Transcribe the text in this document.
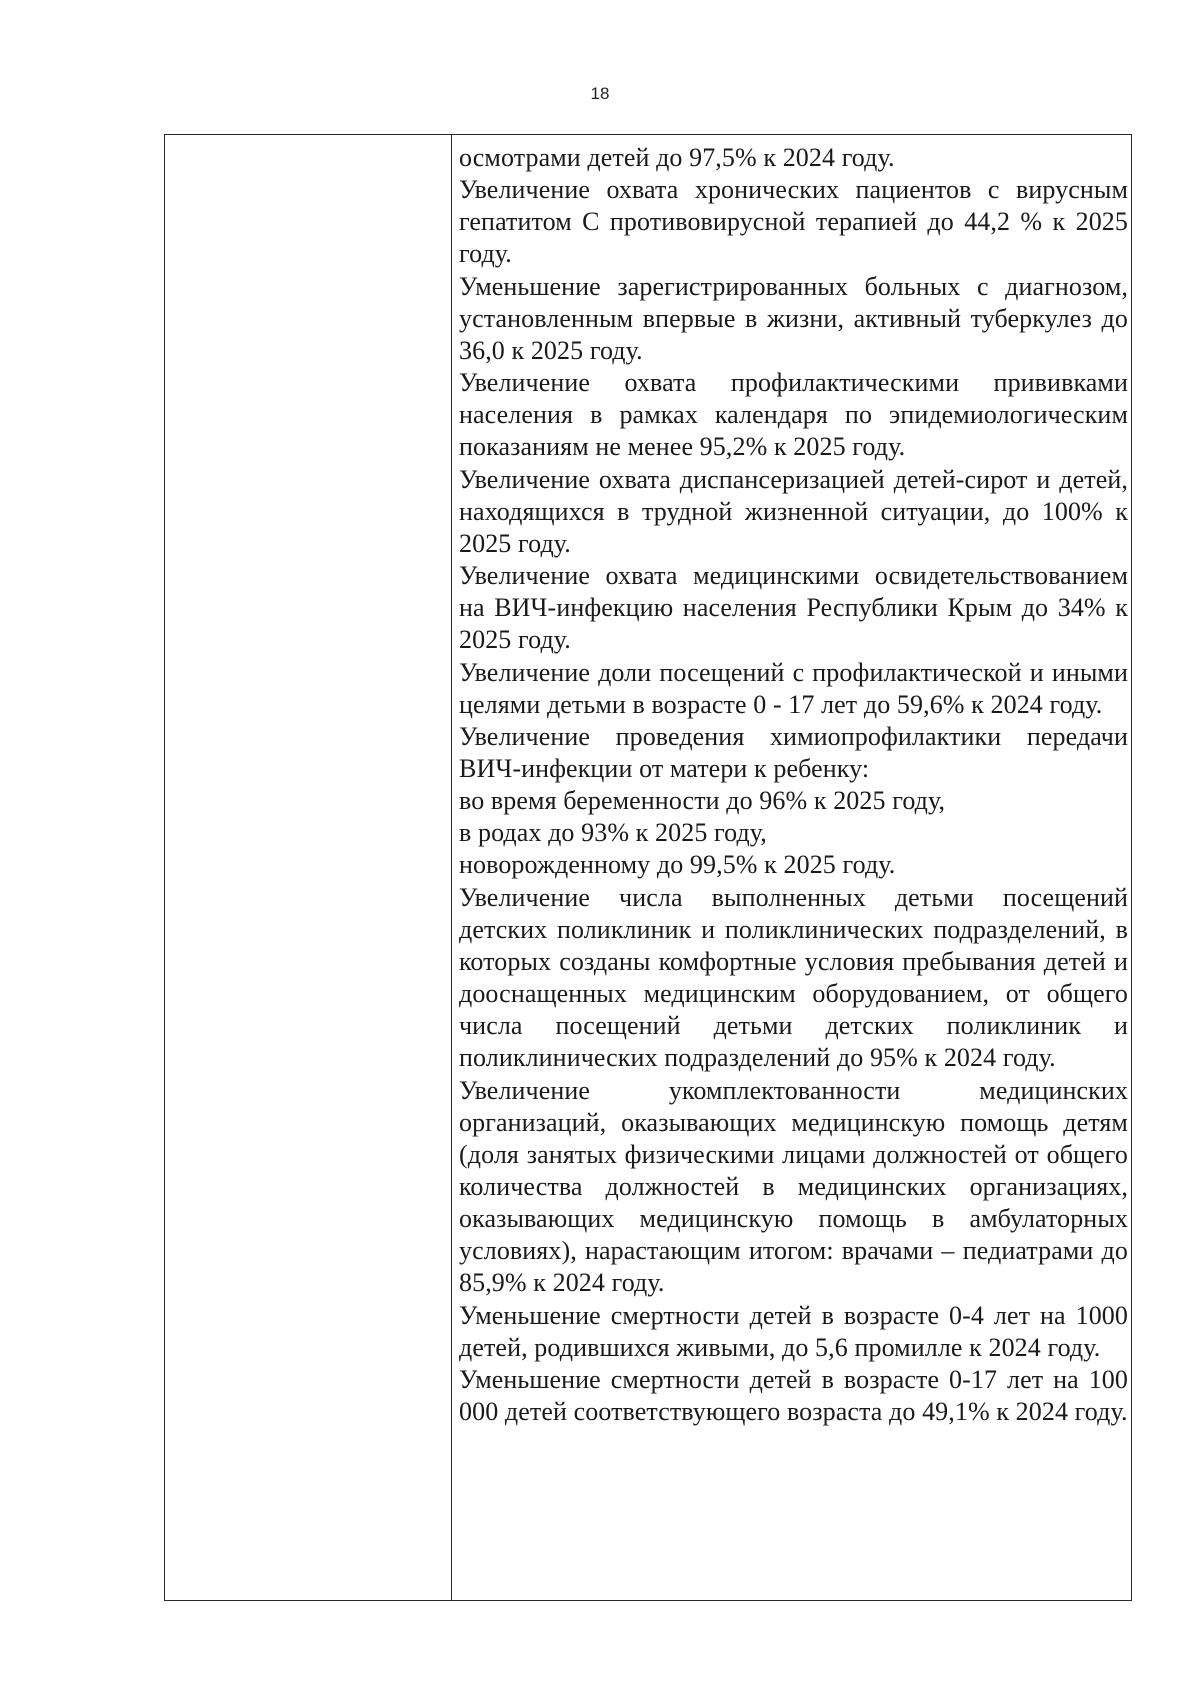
18

осмотрами детей до 97,5% к 2024 году.

Увеличение охвата хронических пациентов с вирусным гепатитом С противовирусной терапией до 44,2 % к 2025 году.

Уменьшение зарегистрированных больных с диагнозом, установленным впервые в жизни, активный туберкулез до 36,0 к 2025 году.

Увеличение охвата профилактическими прививками населения в рамках календаря по эпидемиологическим показаниям не менее 95,2% к 2025 году.

Увеличение охвата диспансеризацией детей-сирот и детей, находящихся в трудной жизненной ситуации, до 100% к 2025 году.

Увеличение охвата медицинскими освидетельствованием на ВИЧ-инфекцию населения Республики Крым до 34% к 2025 году.

Увеличение доли посещений с профилактической и иными целями детьми в возрасте 0 - 17 лет до 59,6% к 2024 году.

Увеличение проведения химиопрофилактики передачи ВИЧ-инфекции от матери к ребенку:

во время беременности до 96% к 2025 году,

в родах до 93% к 2025 году,

новорожденному до 99,5% к 2025 году.

Увеличение числа выполненных детьми посещений детских поликлиник и поликлинических подразделений, в которых созданы комфортные условия пребывания детей и дооснащенных медицинским оборудованием, от общего числа посещений детьми детских поликлиник и поликлинических подразделений до 95% к 2024 году.

Увеличение укомплектованности медицинских организаций, оказывающих медицинскую помощь детям (доля занятых физическими лицами должностей от общего количества должностей в медицинских организациях, оказывающих медицинскую помощь в амбулаторных условиях), нарастающим итогом: врачами – педиатрами до 85,9% к 2024 году.

Уменьшение смертности детей в возрасте 0-4 лет на 1000 детей, родившихся живыми, до 5,6 промилле к 2024 году.

Уменьшение смертности детей в возрасте 0-17 лет на 100 000 детей соответствующего возраста до 49,1% к 2024 году.
